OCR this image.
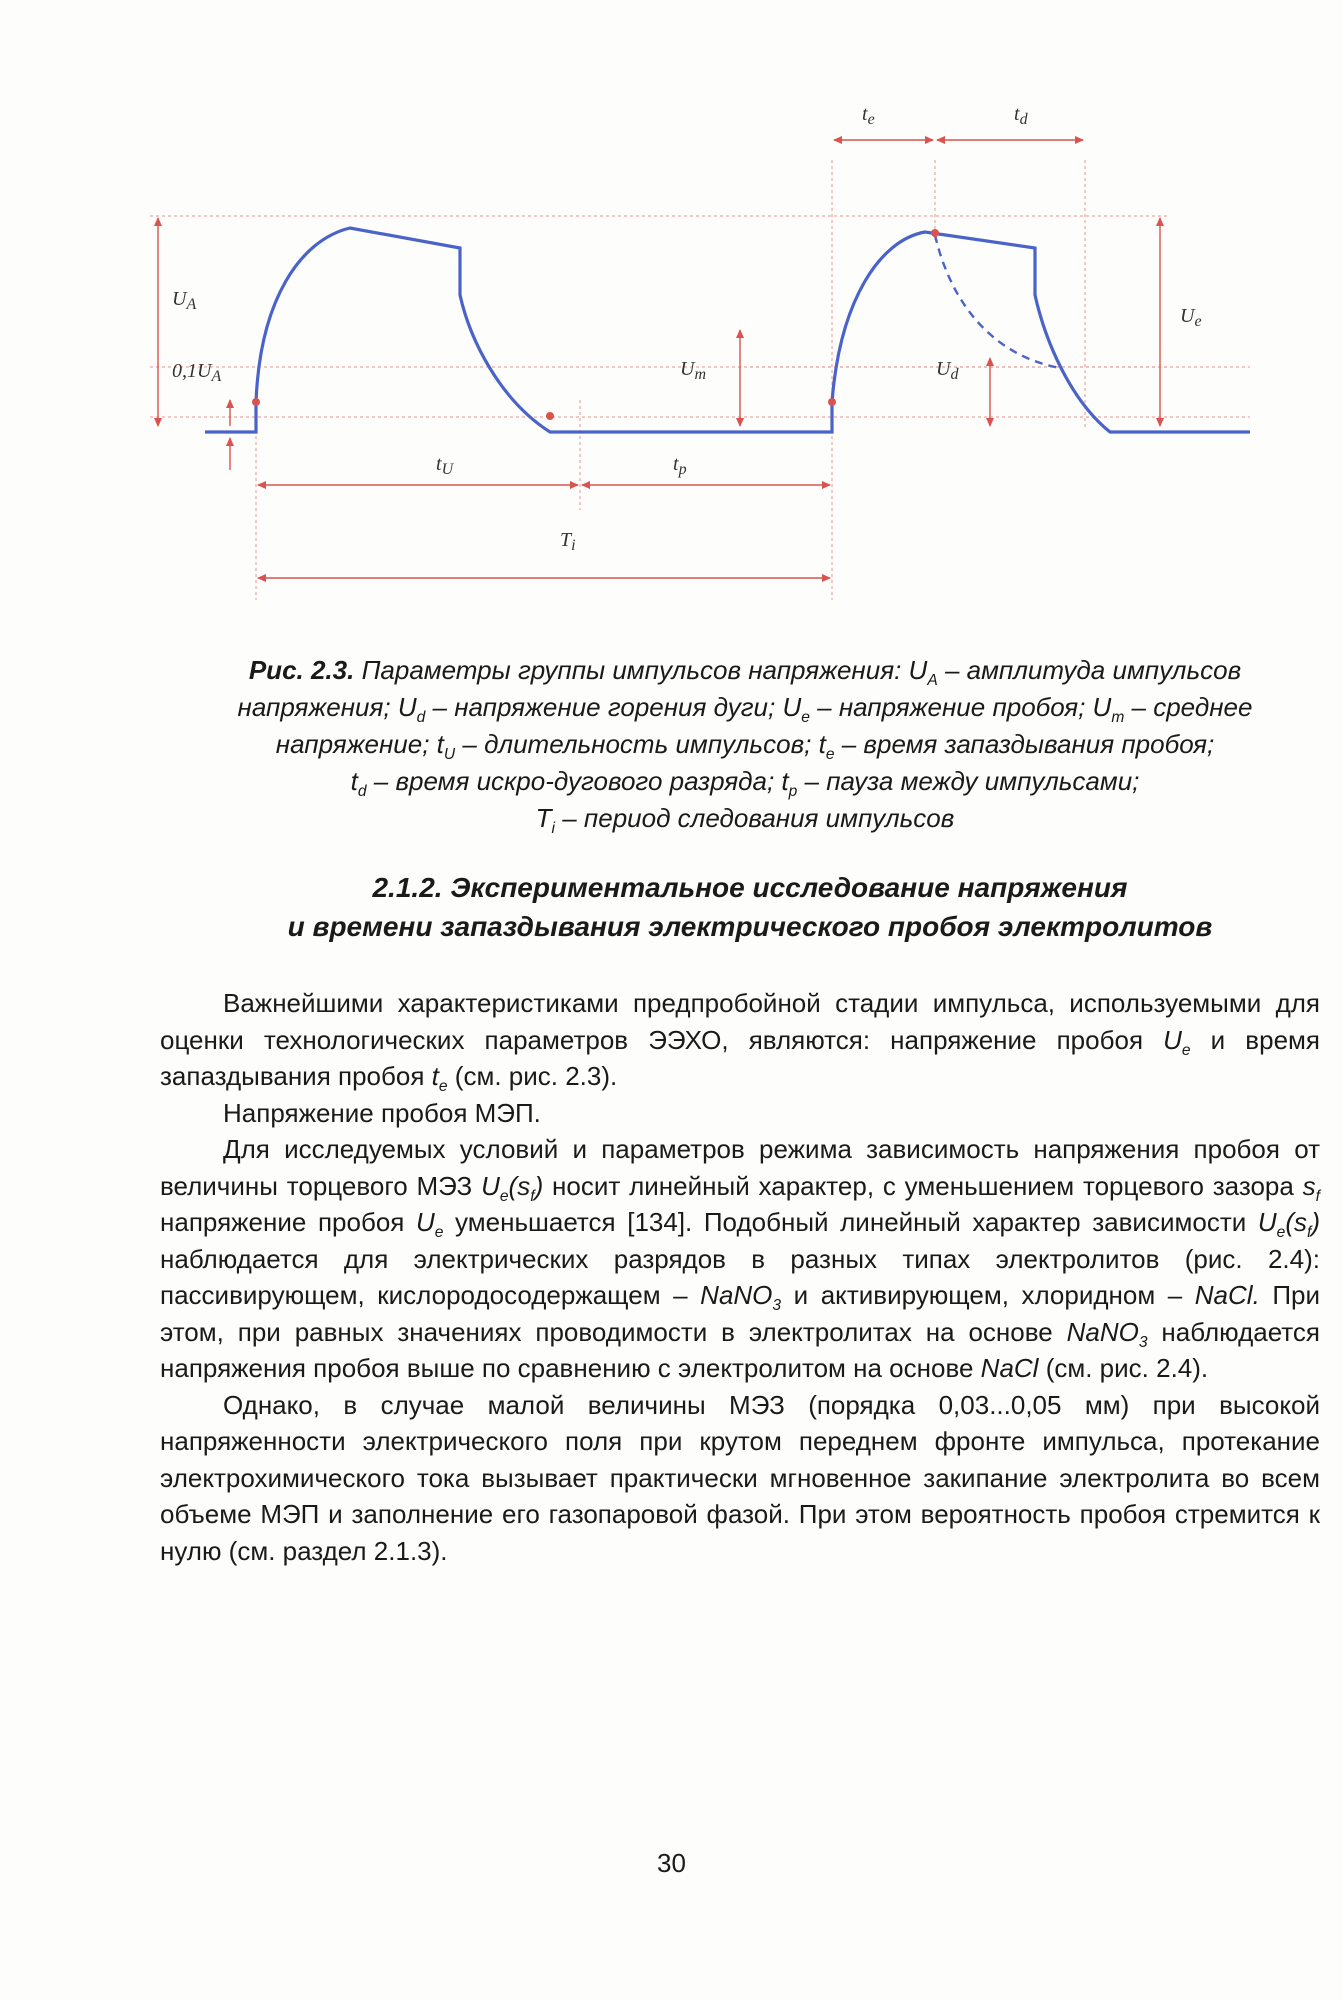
$U_A$
$0,1U_A$	$U_m$	$U_d$
$U_e$
$t_e$	$t_d$
$t_U$	$t_p$
$T_i$
Рис. 2.3. Параметры группы импульсов напряжения: $U_A$ – амплитуда импульсов
напряжения; $U_d$ – напряжение горения дуги; $U_e$ – напряжение пробоя; $U_m$ – среднее
напряжение; $t_U$ – длительность импульсов; $t_e$ – время запаздывания пробоя;
$t_d$ – время искро-дугового разряда; $t_p$ – пауза между импульсами;
$T_i$ – период следования импульсов
2.1.2. Экспериментальное исследование напряжения
и времени запаздывания электрического пробоя электролитов

Важнейшими характеристиками предпробойной стадии импульса, используемыми для оценки технологических параметров ЭЭХО, являются: напряжение пробоя $U_e$ и время запаздывания пробоя $t_e$ (см. рис. 2.3).

Напряжение пробоя МЭП.

Для исследуемых условий и параметров режима зависимость напряжения пробоя от величины торцевого МЭЗ $U_e(s_f)$ носит линейный характер, с уменьшением торцевого зазора $s_f$ напряжение пробоя $U_e$ уменьшается [134]. Подобный линейный характер зависимости $U_e(s_f)$ наблюдается для электрических разрядов в разных типах электролитов (рис. 2.4): пассивирующем, кислородосодержащем – NaNO$_3$ и активирующем, хлоридном – NaCl. При этом, при равных значениях проводимости в электролитах на основе NaNO$_3$ наблюдается напряжения пробоя выше по сравнению с электролитом на основе NaCl (см. рис. 2.4).

Однако, в случае малой величины МЭЗ (порядка 0,03...0,05 мм) при высокой напряженности электрического поля при крутом переднем фронте импульса, протекание электрохимического тока вызывает практически мгновенное закипание электролита во всем объеме МЭП и заполнение его газопаровой фазой. При этом вероятность пробоя стремится к нулю (см. раздел 2.1.3).

30
